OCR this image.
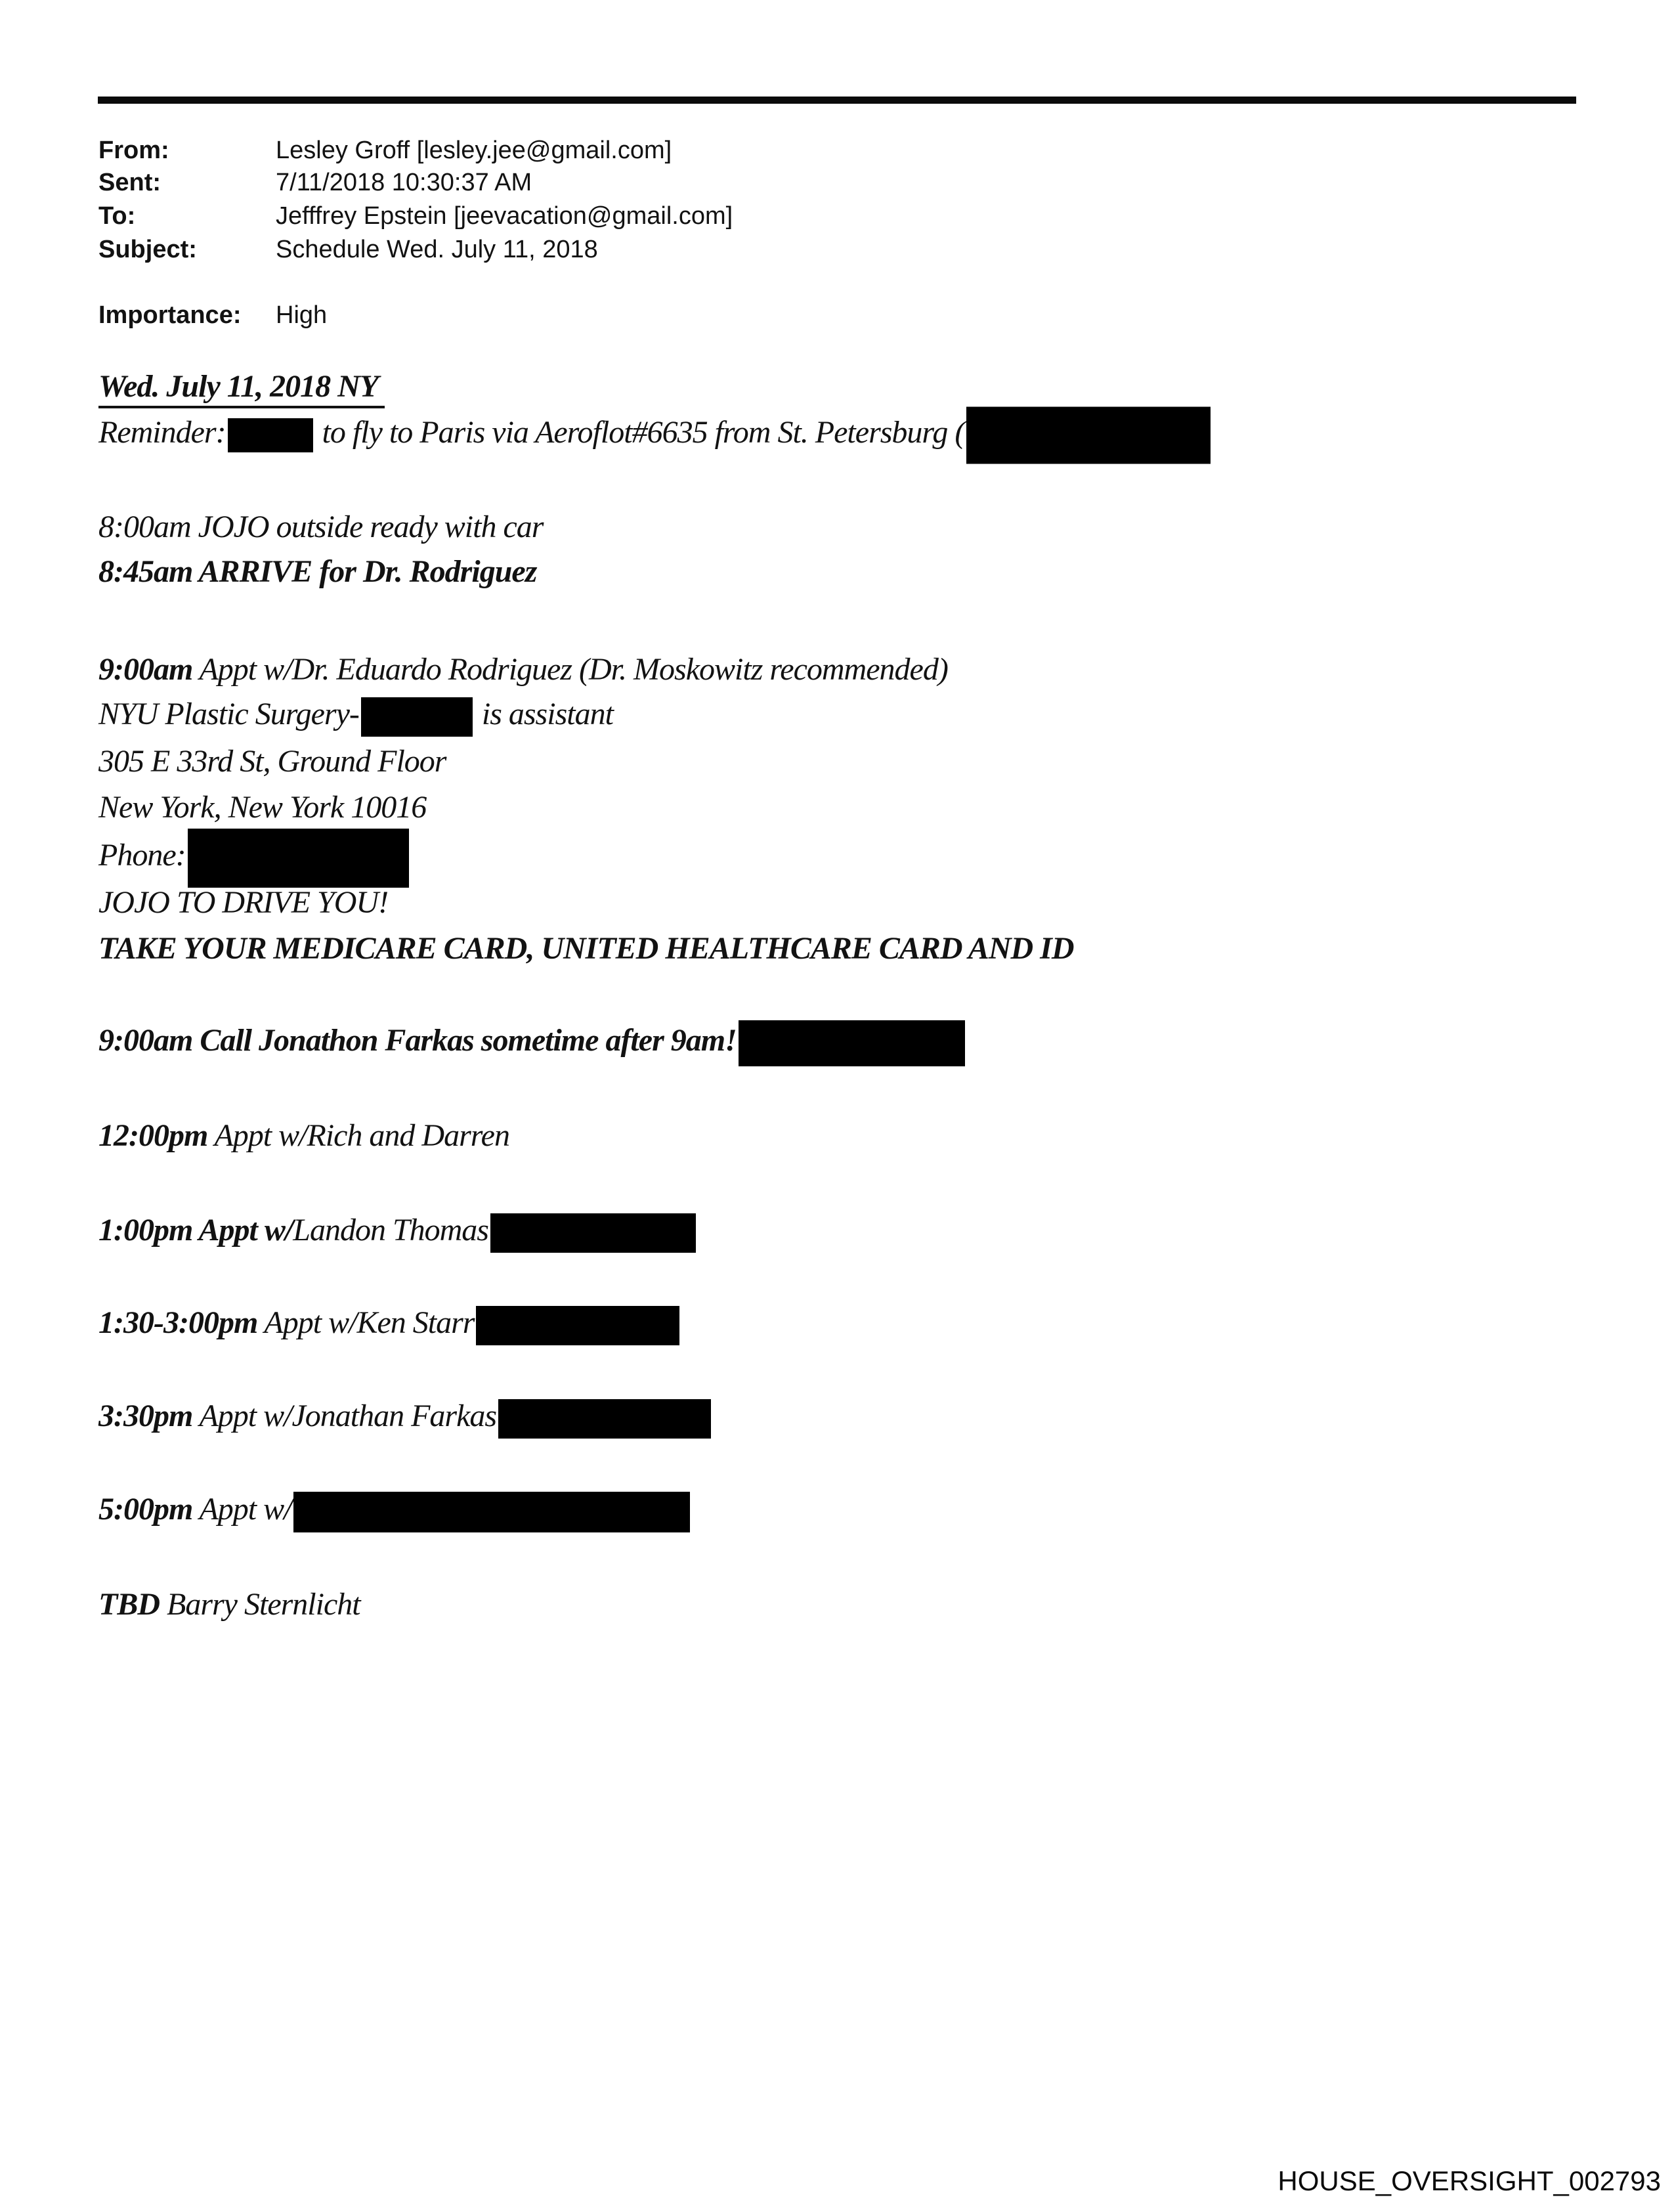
From:	Lesley Groff [lesley.jee@gmail.com]
Sent:	7/11/2018 10:30:37 AM
To:	Jefffrey Epstein [jeevacation@gmail.com]
Subject:	Schedule Wed. July 11, 2018
Importance: High
Wed. July 11, 2018 NY
Reminder:	to fly to Paris via Aeroflot#6635 from St. Petersburg (
8:00am JOJO outside ready with car
8:45am ARRIVE for Dr. Rodriguez
9:00am Appt w/Dr. Eduardo Rodriguez (Dr. Moskowitz recommended)
NYU Plastic Surgery-	is assistant
305 E 33rd St, Ground Floor
New York, New York 10016
Phone:
JOJO TO DRIVE YOU!
TAKE YOUR MEDICARE CARD, UNITED HEALTHCARE CARD AND ID
9:00am Call Jonathon Farkas sometime after 9am!
12:00pm Appt w/Rich and Darren
1:00pm Appt w/Landon Thomas
1:30-3:00pm Appt w/Ken Starr
3:30pm Appt w/Jonathan Farkas
5:00pm Appt w/
TBD Barry Sternlicht
HOUSE_OVERSIGHT_002793
